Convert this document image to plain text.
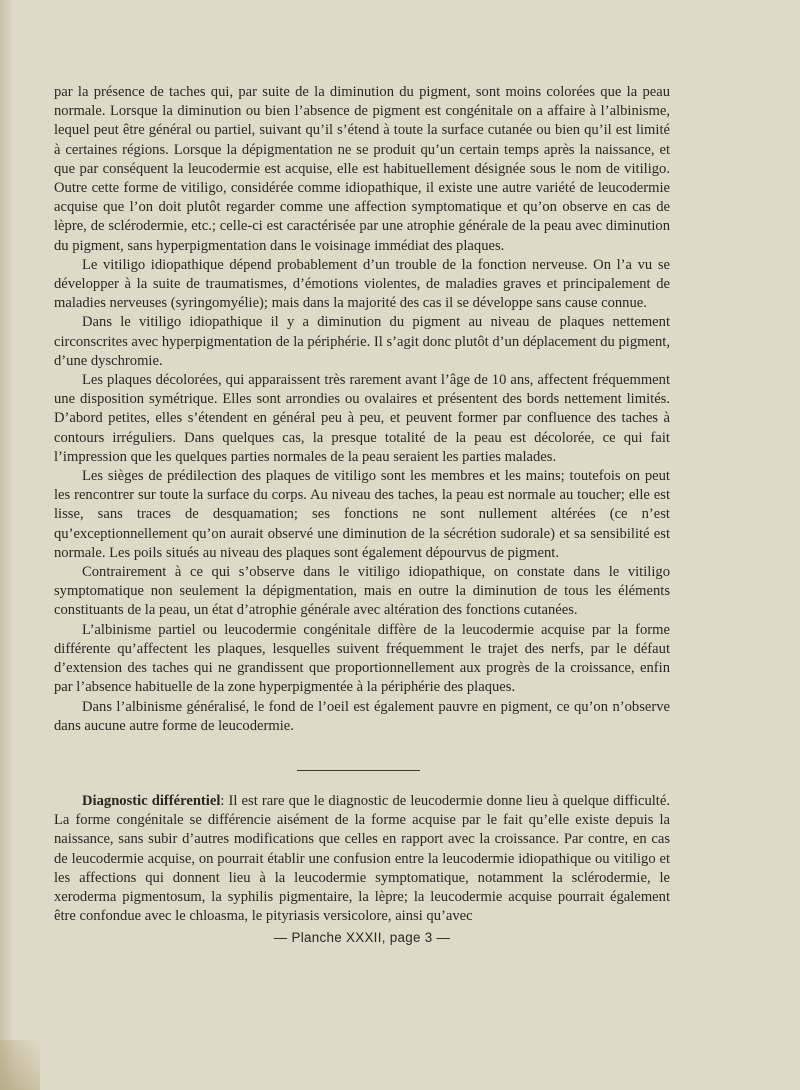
par la présence de taches qui, par suite de la diminution du pigment, sont moins colorées que la peau normale. Lorsque la diminution ou bien l’absence de pigment est congénitale on a affaire à l’albinisme, lequel peut être général ou partiel, suivant qu’il s’étend à toute la surface cutanée ou bien qu’il est limité à certaines régions. Lorsque la dépigmentation ne se produit qu’un certain temps après la naissance, et que par conséquent la leucodermie est acquise, elle est habituellement désignée sous le nom de vitiligo. Outre cette forme de vitiligo, considérée comme idiopathique, il existe une autre variété de leucodermie acquise que l’on doit plutôt regarder comme une affection symptomatique et qu’on observe en cas de lèpre, de sclérodermie, etc.; celle-ci est caractérisée par une atrophie générale de la peau avec diminution du pigment, sans hyperpigmentation dans le voisinage immédiat des plaques.

Le vitiligo idiopathique dépend probablement d’un trouble de la fonction nerveuse. On l’a vu se développer à la suite de traumatismes, d’émotions violentes, de maladies graves et principalement de maladies nerveuses (syringomyélie); mais dans la majorité des cas il se développe sans cause connue.

Dans le vitiligo idiopathique il y a diminution du pigment au niveau de plaques nettement circonscrites avec hyperpigmentation de la périphérie. Il s’agit donc plutôt d’un déplacement du pigment, d’une dyschromie.

Les plaques décolorées, qui apparaissent très rarement avant l’âge de 10 ans, affectent fréquemment une disposition symétrique. Elles sont arrondies ou ovalaires et présentent des bords nettement limités. D’abord petites, elles s’étendent en général peu à peu, et peuvent former par confluence des taches à contours irréguliers. Dans quelques cas, la presque totalité de la peau est décolorée, ce qui fait l’impression que les quelques parties normales de la peau seraient les parties malades.

Les sièges de prédilection des plaques de vitiligo sont les membres et les mains; toutefois on peut les rencontrer sur toute la surface du corps. Au niveau des taches, la peau est normale au toucher; elle est lisse, sans traces de desquamation; ses fonctions ne sont nullement altérées (ce n’est qu’exceptionnellement qu’on aurait observé une diminution de la sécrétion sudorale) et sa sensibilité est normale. Les poils situés au niveau des plaques sont également dépourvus de pigment.

Contrairement à ce qui s’observe dans le vitiligo idiopathique, on constate dans le vitiligo symptomatique non seulement la dépigmentation, mais en outre la diminution de tous les éléments constituants de la peau, un état d’atrophie générale avec altération des fonctions cutanées.

L’albinisme partiel ou leucodermie congénitale diffère de la leucodermie acquise par la forme différente qu’affectent les plaques, lesquelles suivent fréquemment le trajet des nerfs, par le défaut d’extension des taches qui ne grandissent que proportionnellement aux progrès de la croissance, enfin par l’absence habituelle de la zone hyperpigmentée à la périphérie des plaques.

Dans l’albinisme généralisé, le fond de l’oeil est également pauvre en pigment, ce qu’on n’observe dans aucune autre forme de leucodermie.

Diagnostic différentiel: Il est rare que le diagnostic de leucodermie donne lieu à quelque difficulté. La forme congénitale se différencie aisément de la forme acquise par le fait qu’elle existe depuis la naissance, sans subir d’autres modifications que celles en rapport avec la croissance. Par contre, en cas de leucodermie acquise, on pourrait établir une confusion entre la leucodermie idiopathique ou vitiligo et les affections qui donnent lieu à la leucodermie symptomatique, notamment la sclérodermie, le xeroderma pigmentosum, la syphilis pigmentaire, la lèpre; la leucodermie acquise pourrait également être confondue avec le chloasma, le pityriasis versicolore, ainsi qu’avec

— Planche XXXII, page 3 —
